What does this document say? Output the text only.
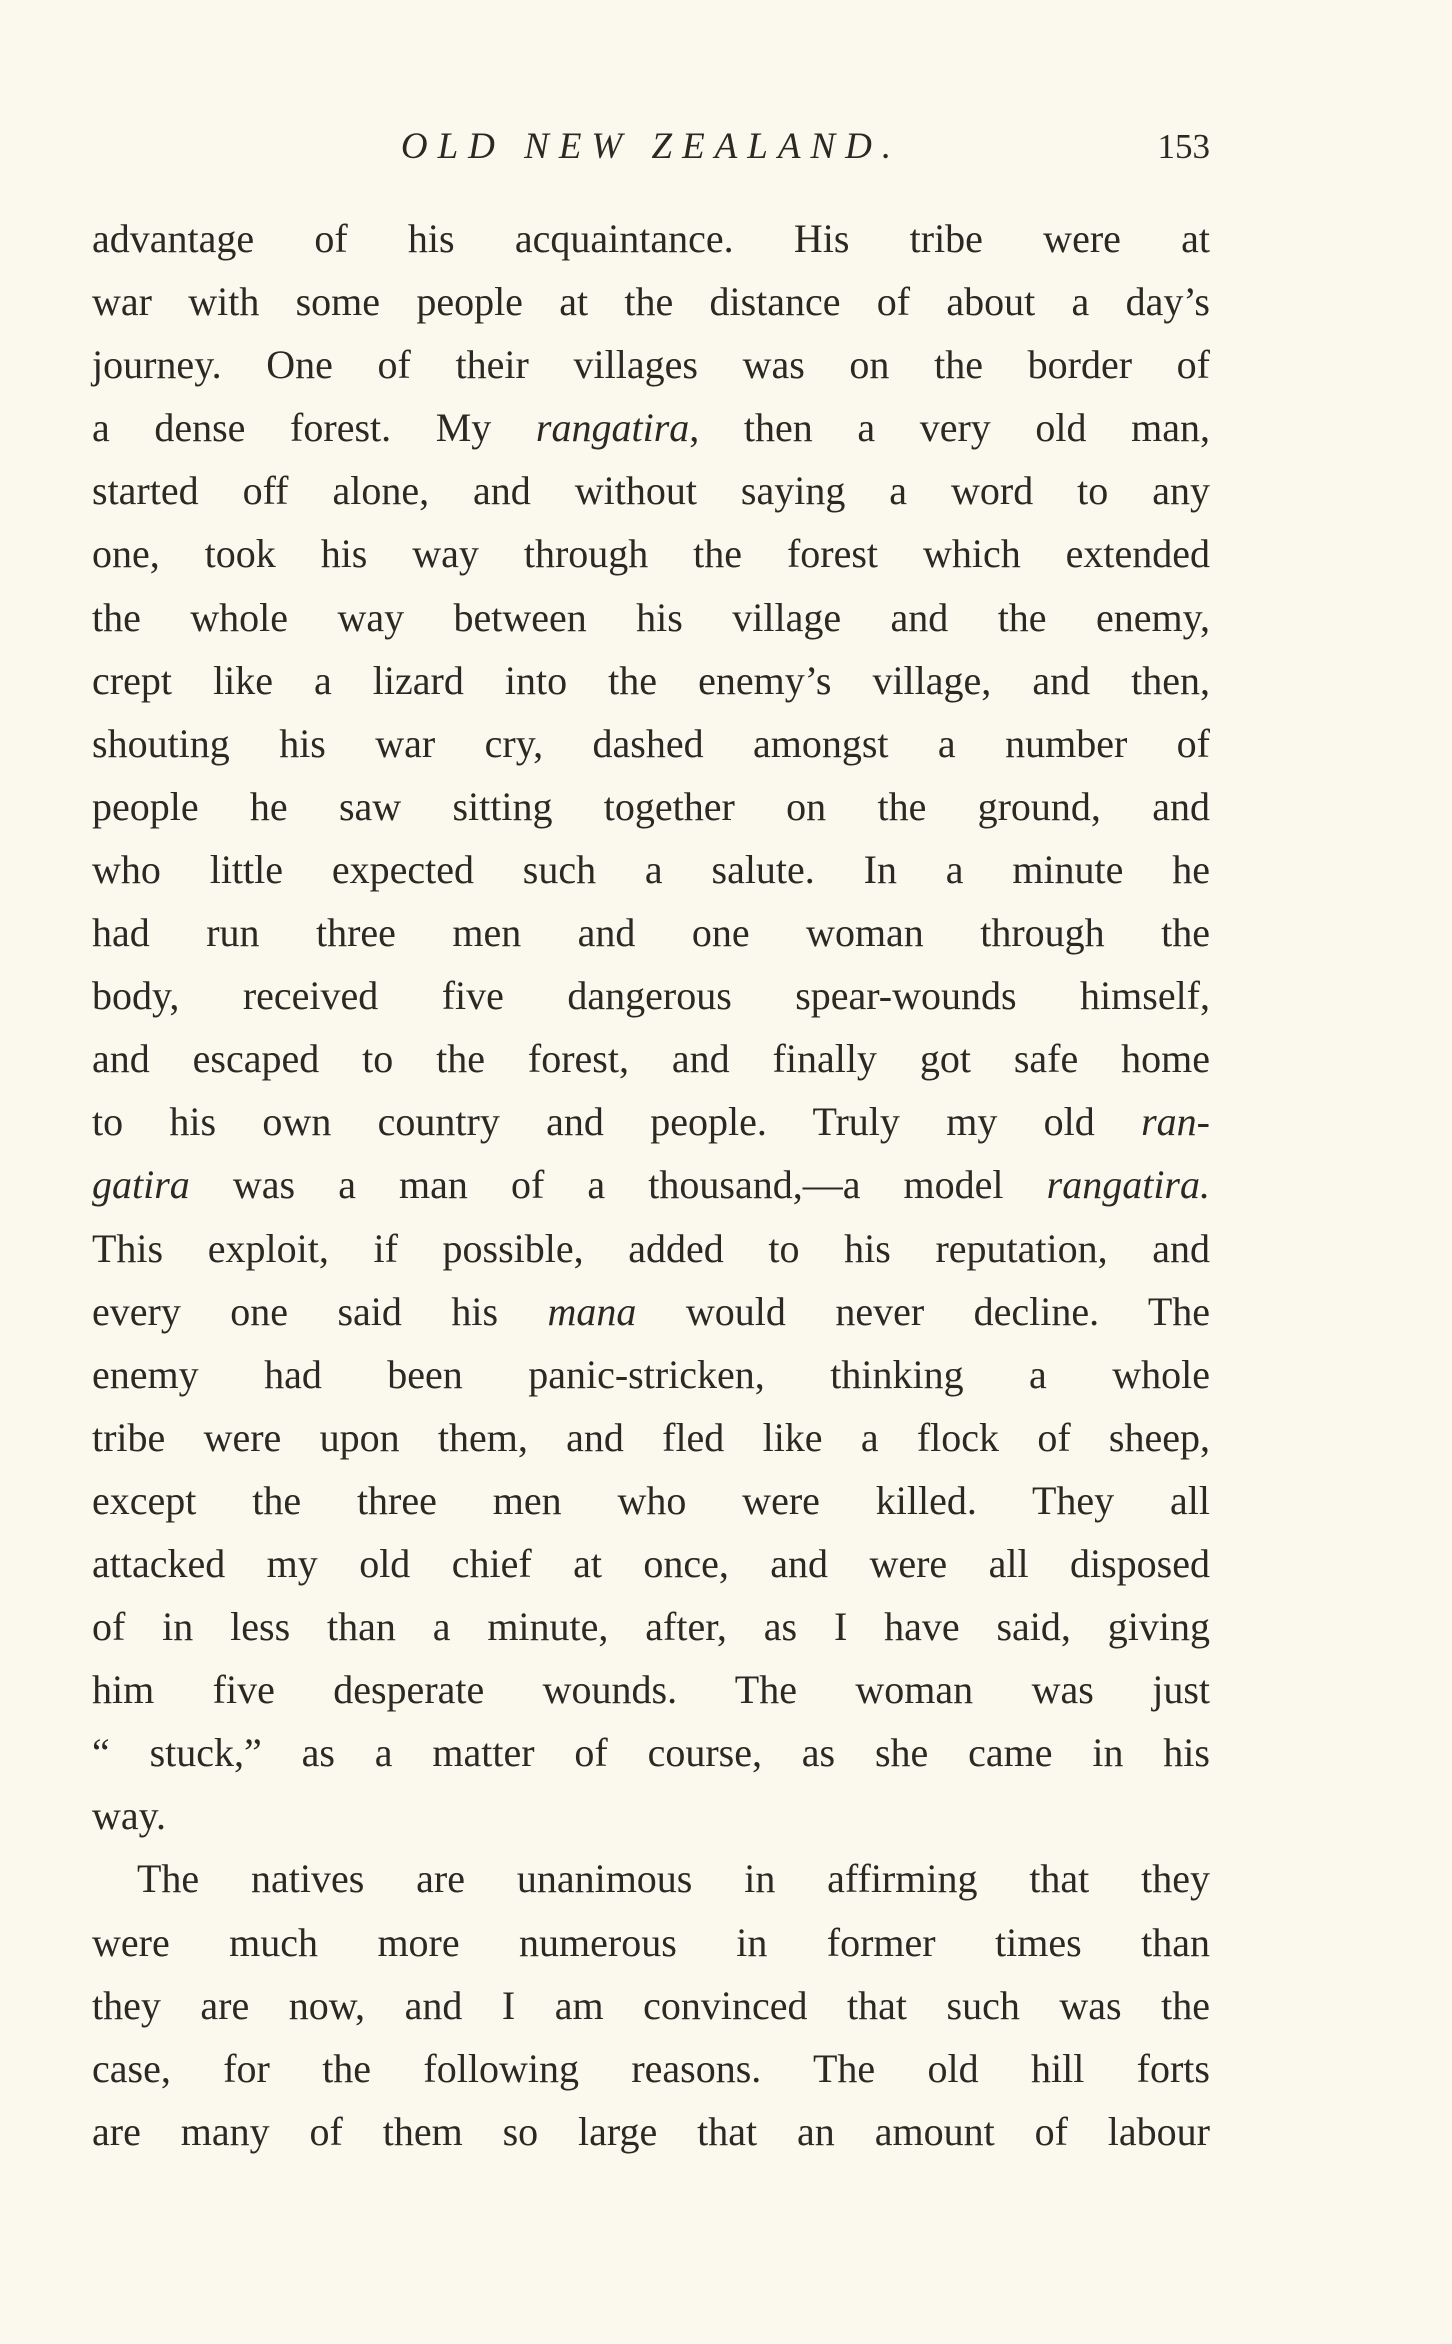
OLD NEW ZEALAND.	153
advantage of his acquaintance. His tribe were at
war with some people at the distance of about a day’s
journey. One of their villages was on the border of
a dense forest. My rangatira, then a very old man,
started off alone, and without saying a word to any
one, took his way through the forest which extended
the whole way between his village and the enemy,
crept like a lizard into the enemy’s village, and then,
shouting his war cry, dashed amongst a number of
people he saw sitting together on the ground, and
who little expected such a salute. In a minute he
had run three men and one woman through the
body, received five dangerous spear-wounds himself,
and escaped to the forest, and finally got safe home
to his own country and people. Truly my old ran-
gatira was a man of a thousand,—a model rangatira.
This exploit, if possible, added to his reputation, and
every one said his mana would never decline. The
enemy had been panic-stricken, thinking a whole
tribe were upon them, and fled like a flock of sheep,
except the three men who were killed. They all
attacked my old chief at once, and were all disposed
of in less than a minute, after, as I have said, giving
him five desperate wounds. The woman was just
“ stuck,” as a matter of course, as she came in his
way.
The natives are unanimous in affirming that they
were much more numerous in former times than
they are now, and I am convinced that such was the
case, for the following reasons. The old hill forts
are many of them so large that an amount of labour
